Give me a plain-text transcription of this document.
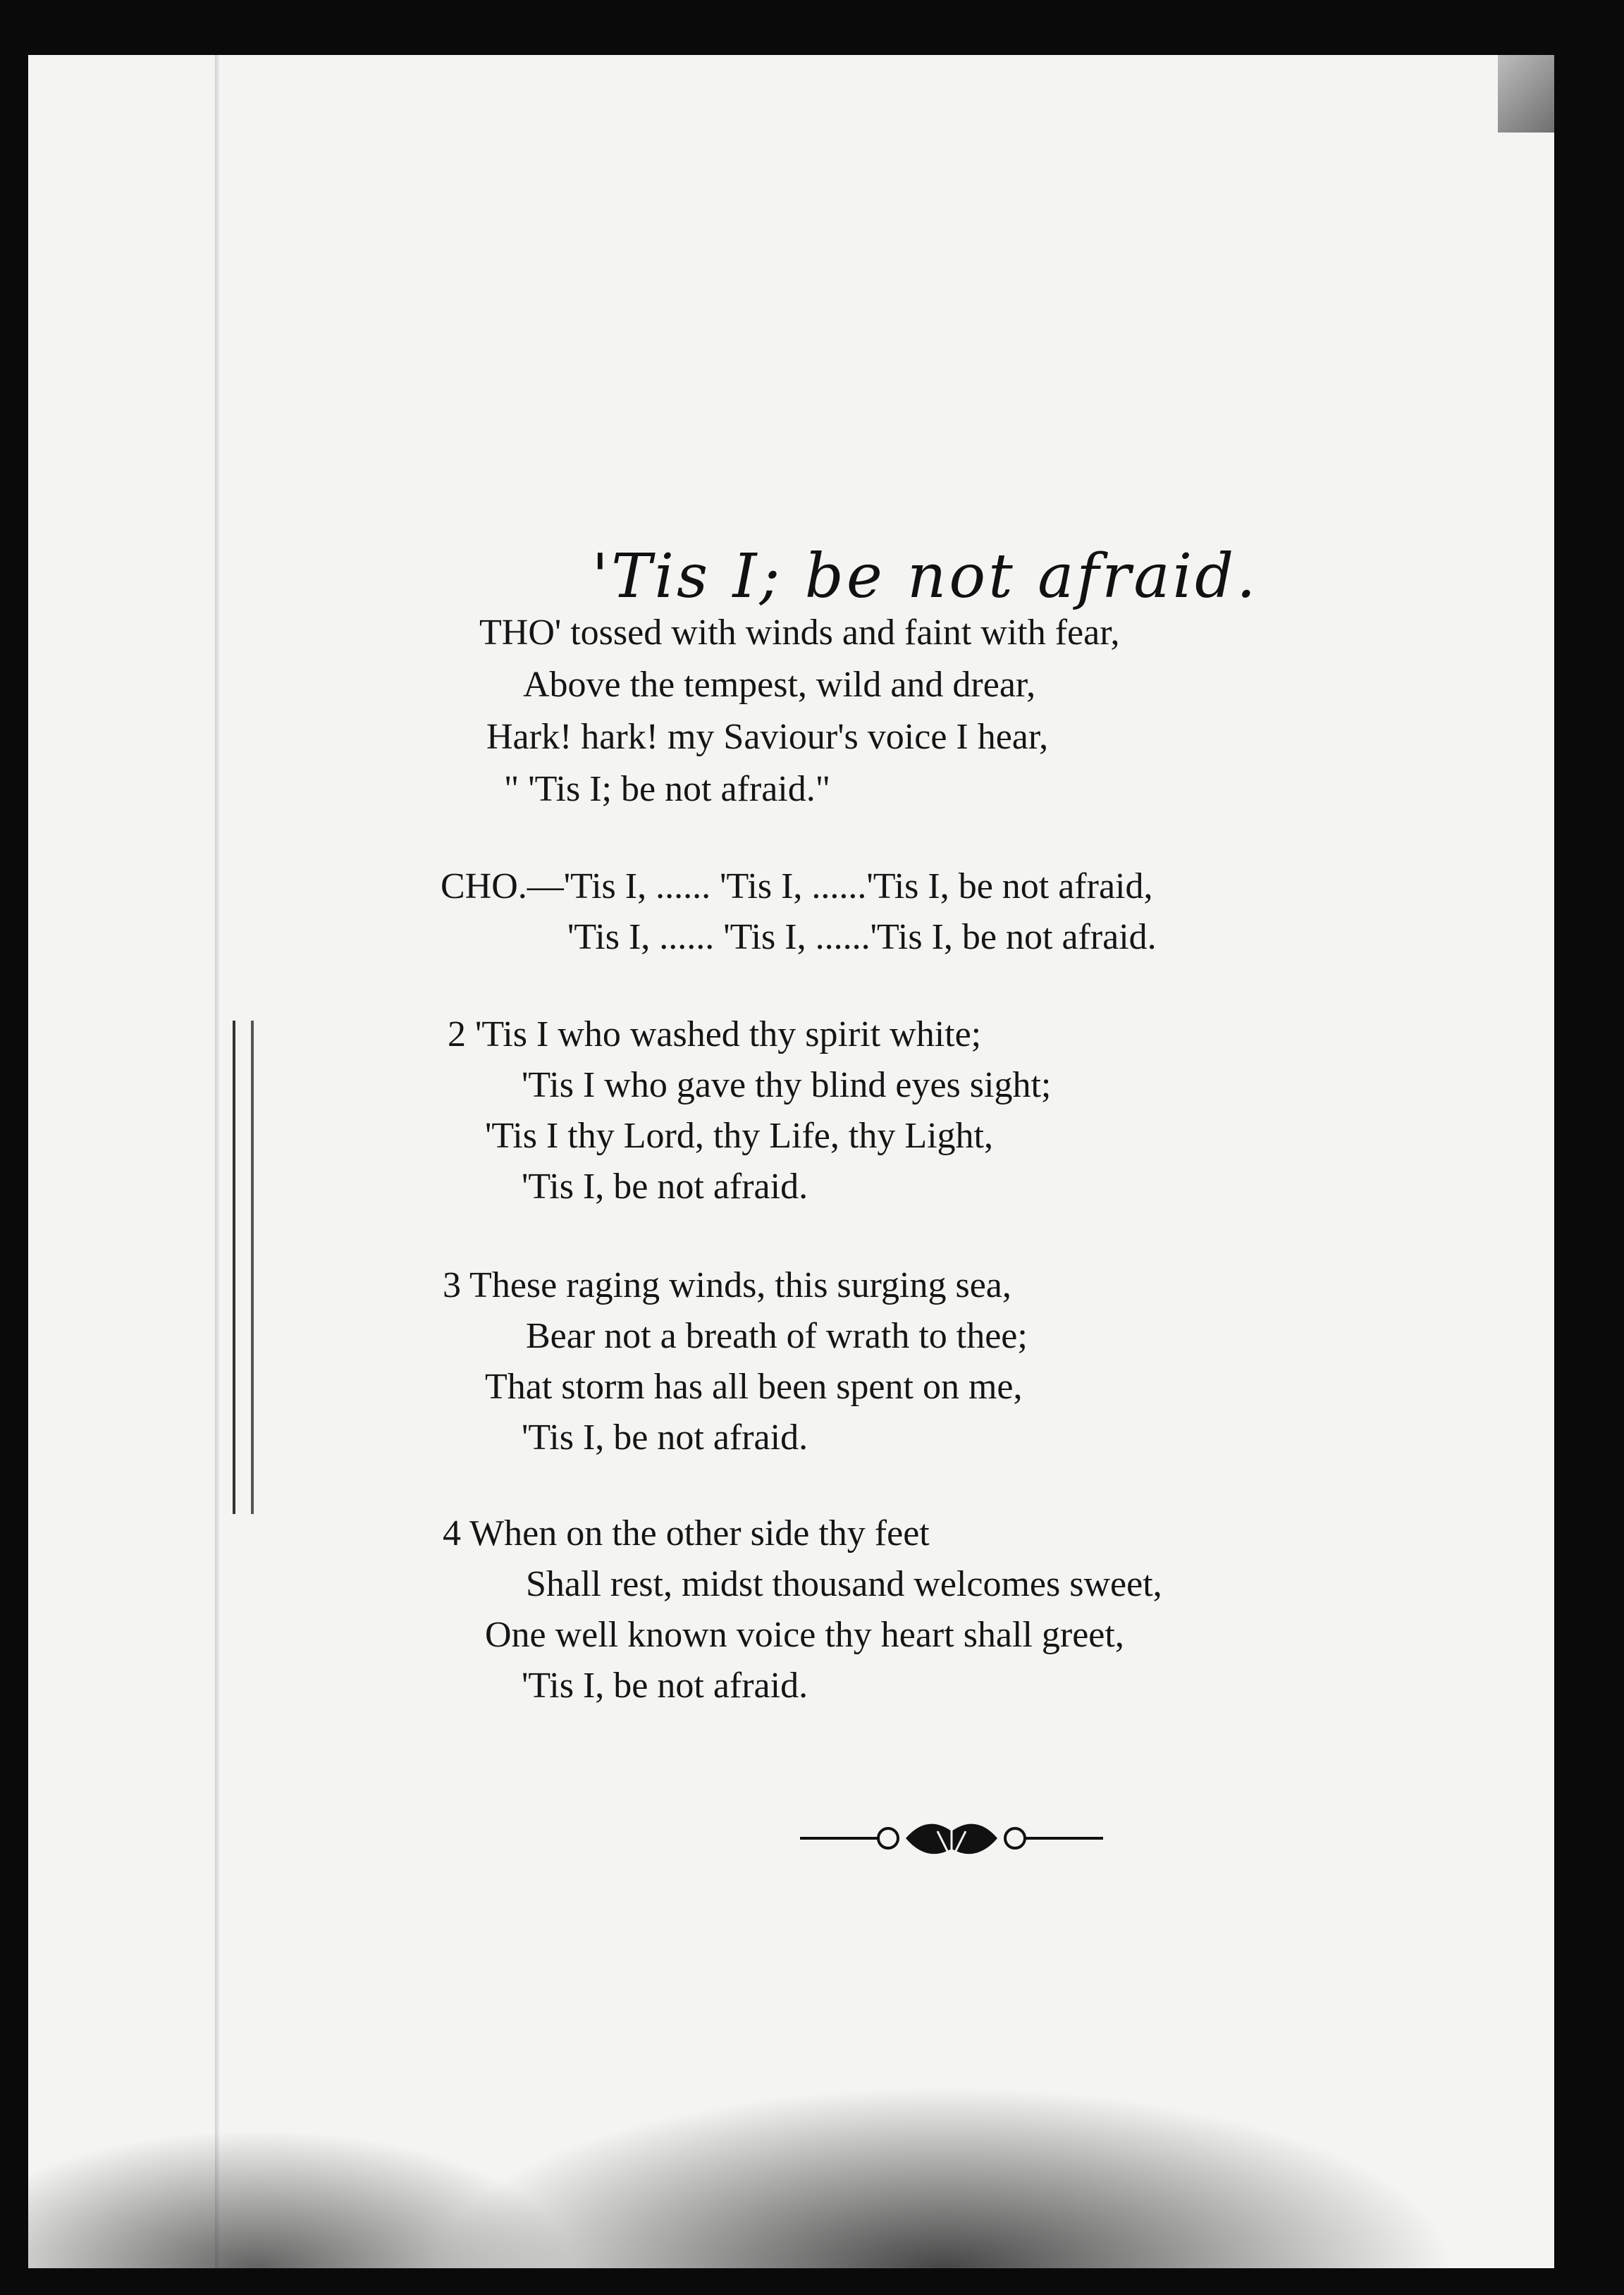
'Tis I; be not afraid.
THO' tossed with winds and faint with fear,
Above the tempest, wild and drear,
Hark! hark! my Saviour's voice I hear,
" 'Tis I; be not afraid."
CHO.—'Tis I, ...... 'Tis I, ......'Tis I, be not afraid,
'Tis I, ...... 'Tis I, ......'Tis I, be not afraid.
2 'Tis I who washed thy spirit white;
'Tis I who gave thy blind eyes sight;
'Tis I thy Lord, thy Life, thy Light,
'Tis I, be not afraid.
3 These raging winds, this surging sea,
Bear not a breath of wrath to thee;
That storm has all been spent on me,
'Tis I, be not afraid.
4 When on the other side thy feet
Shall rest, midst thousand welcomes sweet,
One well known voice thy heart shall greet,
'Tis I, be not afraid.
